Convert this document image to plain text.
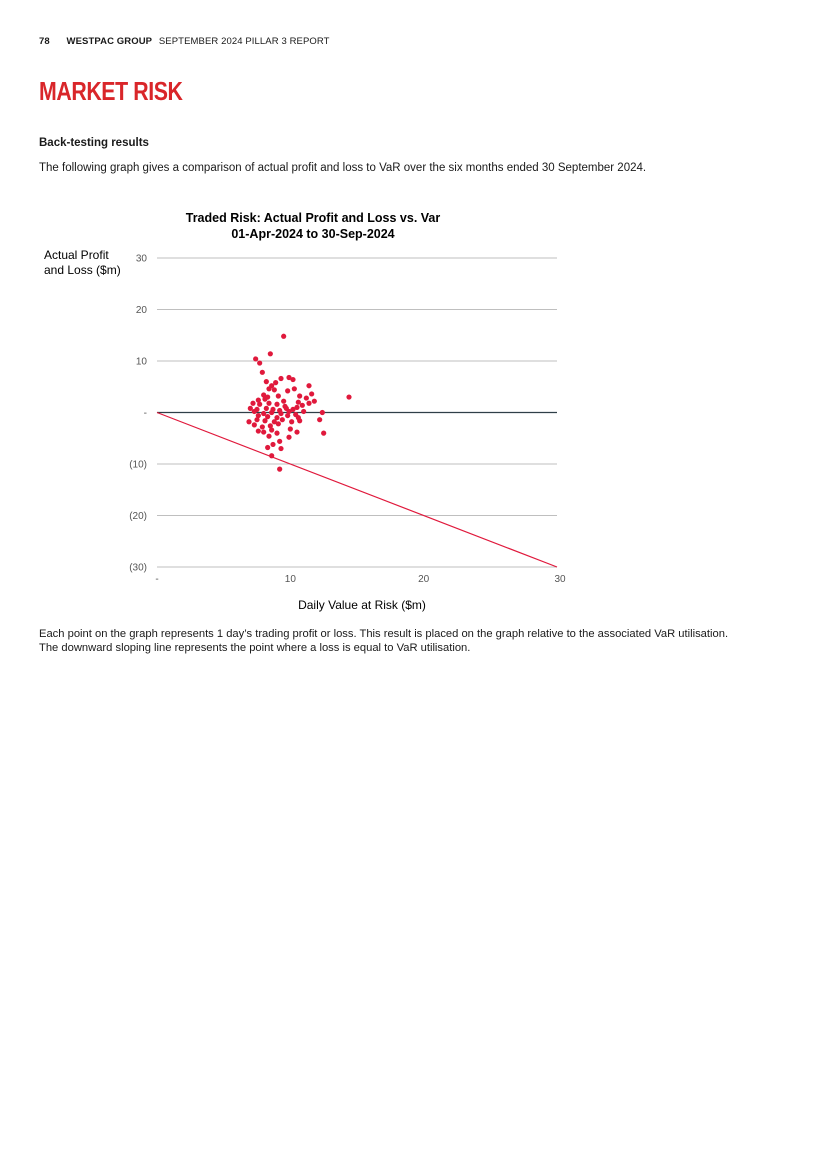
78 WESTPAC GROUP SEPTEMBER 2024 PILLAR 3 REPORT
MARKET RISK
Back-testing results
The following graph gives a comparison of actual profit and loss to VaR over the six months ended 30 September 2024.
Traded Risk: Actual Profit and Loss vs. Var
01-Apr-2024 to 30-Sep-2024
Actual Profit
and Loss ($m)
Daily Value at Risk ($m)
30
20
10
-
(10)
(20)
(30)
-	10	20	30
Each point on the graph represents 1 day’s trading profit or loss. This result is placed on the graph relative to the associated VaR utilisation. The downward sloping line represents the point where a loss is equal to VaR utilisation.
